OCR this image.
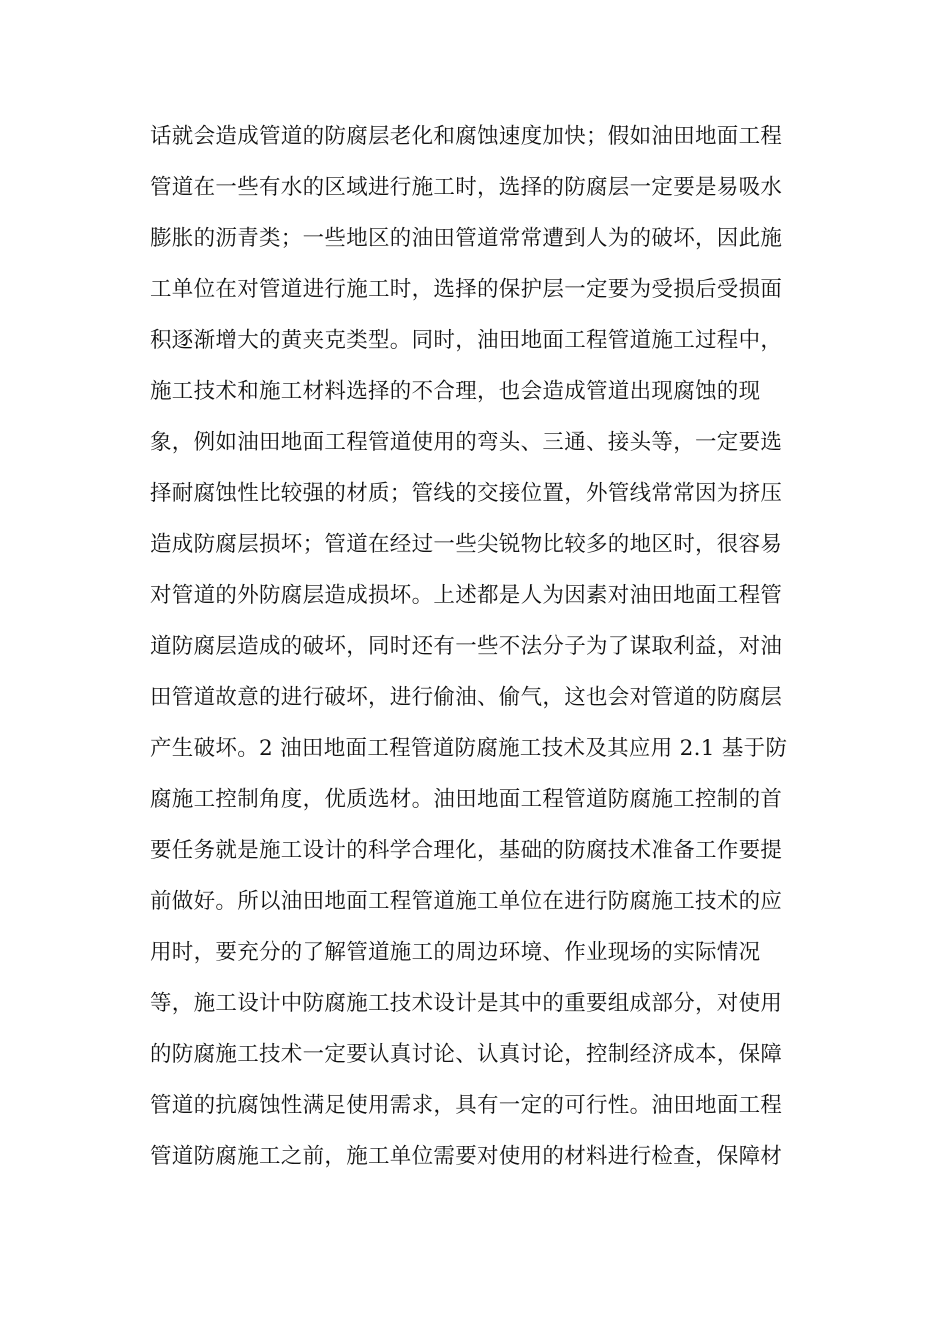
话就会造成管道的防腐层老化和腐蚀速度加快；假如油田地面工程
管道在一些有水的区域进行施工时，选择的防腐层一定要是易吸水
膨胀的沥青类；一些地区的油田管道常常遭到人为的破坏，因此施
工单位在对管道进行施工时，选择的保护层一定要为受损后受损面
积逐渐增大的黄夹克类型。同时，油田地面工程管道施工过程中，
施工技术和施工材料选择的不合理，也会造成管道出现腐蚀的现
象，例如油田地面工程管道使用的弯头、三通、接头等，一定要选
择耐腐蚀性比较强的材质；管线的交接位置，外管线常常因为挤压
造成防腐层损坏；管道在经过一些尖锐物比较多的地区时，很容易
对管道的外防腐层造成损坏。上述都是人为因素对油田地面工程管
道防腐层造成的破坏，同时还有一些不法分子为了谋取利益，对油
田管道故意的进行破坏，进行偷油、偷气，这也会对管道的防腐层
产生破坏。2 油田地面工程管道防腐施工技术及其应用 2.1 基于防
腐施工控制角度，优质选材。油田地面工程管道防腐施工控制的首
要任务就是施工设计的科学合理化，基础的防腐技术准备工作要提
前做好。所以油田地面工程管道施工单位在进行防腐施工技术的应
用时，要充分的了解管道施工的周边环境、作业现场的实际情况
等，施工设计中防腐施工技术设计是其中的重要组成部分，对使用
的防腐施工技术一定要认真讨论、认真讨论，控制经济成本，保障
管道的抗腐蚀性满足使用需求，具有一定的可行性。油田地面工程
管道防腐施工之前，施工单位需要对使用的材料进行检查，保障材
